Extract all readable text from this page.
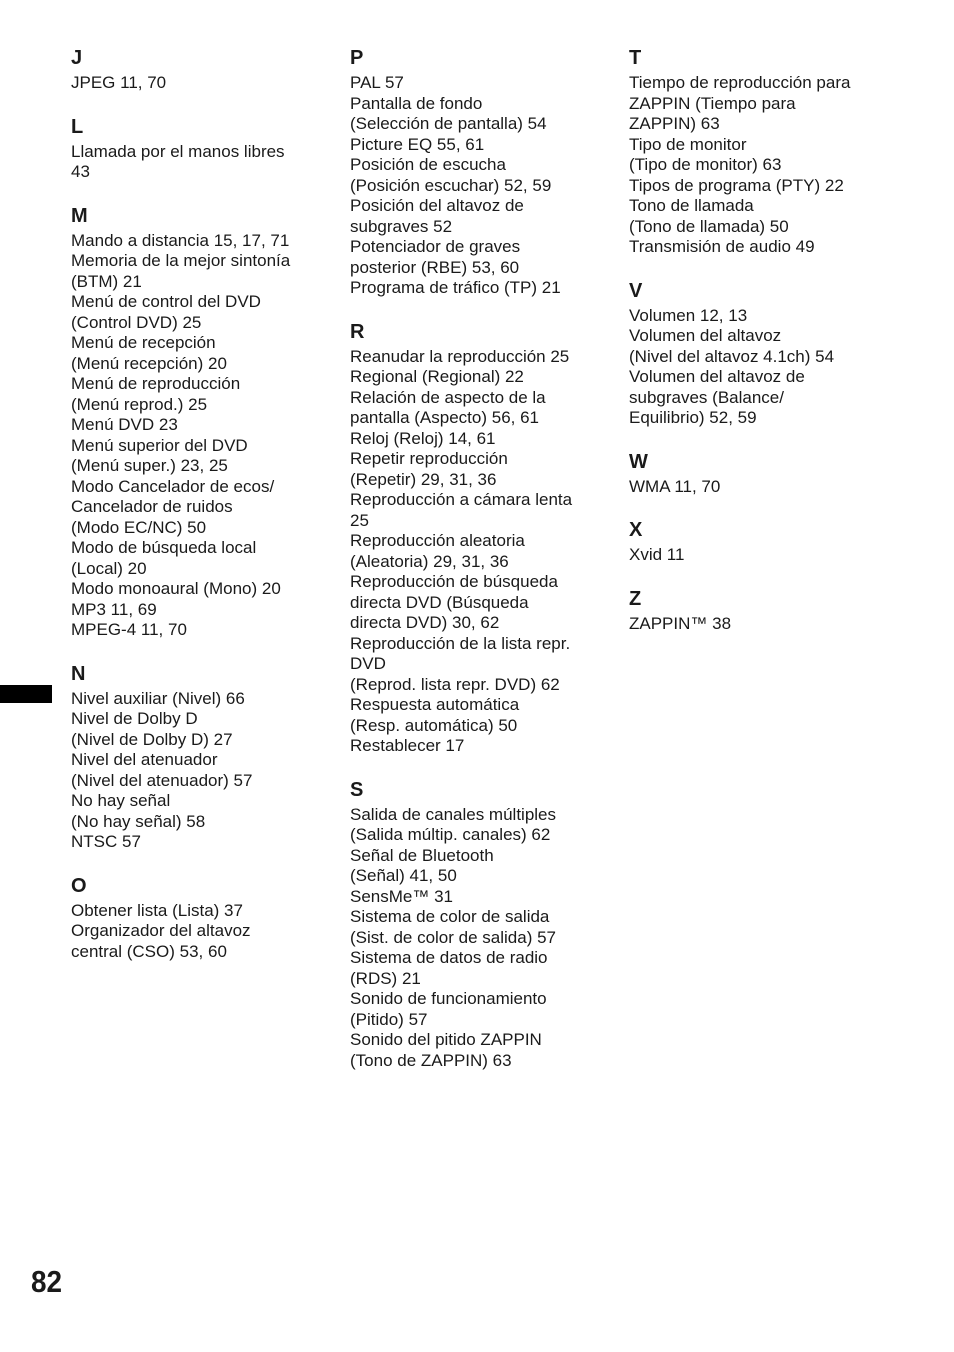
J
JPEG 11, 70
L
Llamada por el manos libres
43
M
Mando a distancia 15, 17, 71
Memoria de la mejor sintonía
(BTM) 21
Menú de control del DVD
(Control DVD) 25
Menú de recepción
(Menú recepción) 20
Menú de reproducción
(Menú reprod.) 25
Menú DVD 23
Menú superior del DVD
(Menú super.) 23, 25
Modo Cancelador de ecos/
Cancelador de ruidos
(Modo EC/NC) 50
Modo de búsqueda local
(Local) 20
Modo monoaural (Mono) 20
MP3 11, 69
MPEG-4 11, 70
N
Nivel auxiliar (Nivel) 66
Nivel de Dolby D
(Nivel de Dolby D) 27
Nivel del atenuador
(Nivel del atenuador) 57
No hay señal
(No hay señal) 58
NTSC 57
O
Obtener lista (Lista) 37
Organizador del altavoz
central (CSO) 53, 60
P
PAL 57
Pantalla de fondo
(Selección de pantalla) 54
Picture EQ 55, 61
Posición de escucha
(Posición escuchar) 52, 59
Posición del altavoz de
subgraves 52
Potenciador de graves
posterior (RBE) 53, 60
Programa de tráfico (TP) 21
R
Reanudar la reproducción 25
Regional (Regional) 22
Relación de aspecto de la
pantalla (Aspecto) 56, 61
Reloj (Reloj) 14, 61
Repetir reproducción
(Repetir) 29, 31, 36
Reproducción a cámara lenta
25
Reproducción aleatoria
(Aleatoria) 29, 31, 36
Reproducción de búsqueda
directa DVD (Búsqueda
directa DVD) 30, 62
Reproducción de la lista repr.
DVD
(Reprod. lista repr. DVD) 62
Respuesta automática
(Resp. automática) 50
Restablecer 17
S
Salida de canales múltiples
(Salida múltip. canales) 62
Señal de Bluetooth
(Señal) 41, 50
SensMe™ 31
Sistema de color de salida
(Sist. de color de salida) 57
Sistema de datos de radio
(RDS) 21
Sonido de funcionamiento
(Pitido) 57
Sonido del pitido ZAPPIN
(Tono de ZAPPIN) 63
T
Tiempo de reproducción para
ZAPPIN (Tiempo para
ZAPPIN) 63
Tipo de monitor
(Tipo de monitor) 63
Tipos de programa (PTY) 22
Tono de llamada
(Tono de llamada) 50
Transmisión de audio 49
V
Volumen 12, 13
Volumen del altavoz
(Nivel del altavoz 4.1ch) 54
Volumen del altavoz de
subgraves (Balance/
Equilibrio) 52, 59
W
WMA 11, 70
X
Xvid 11
Z
ZAPPIN™ 38
82
